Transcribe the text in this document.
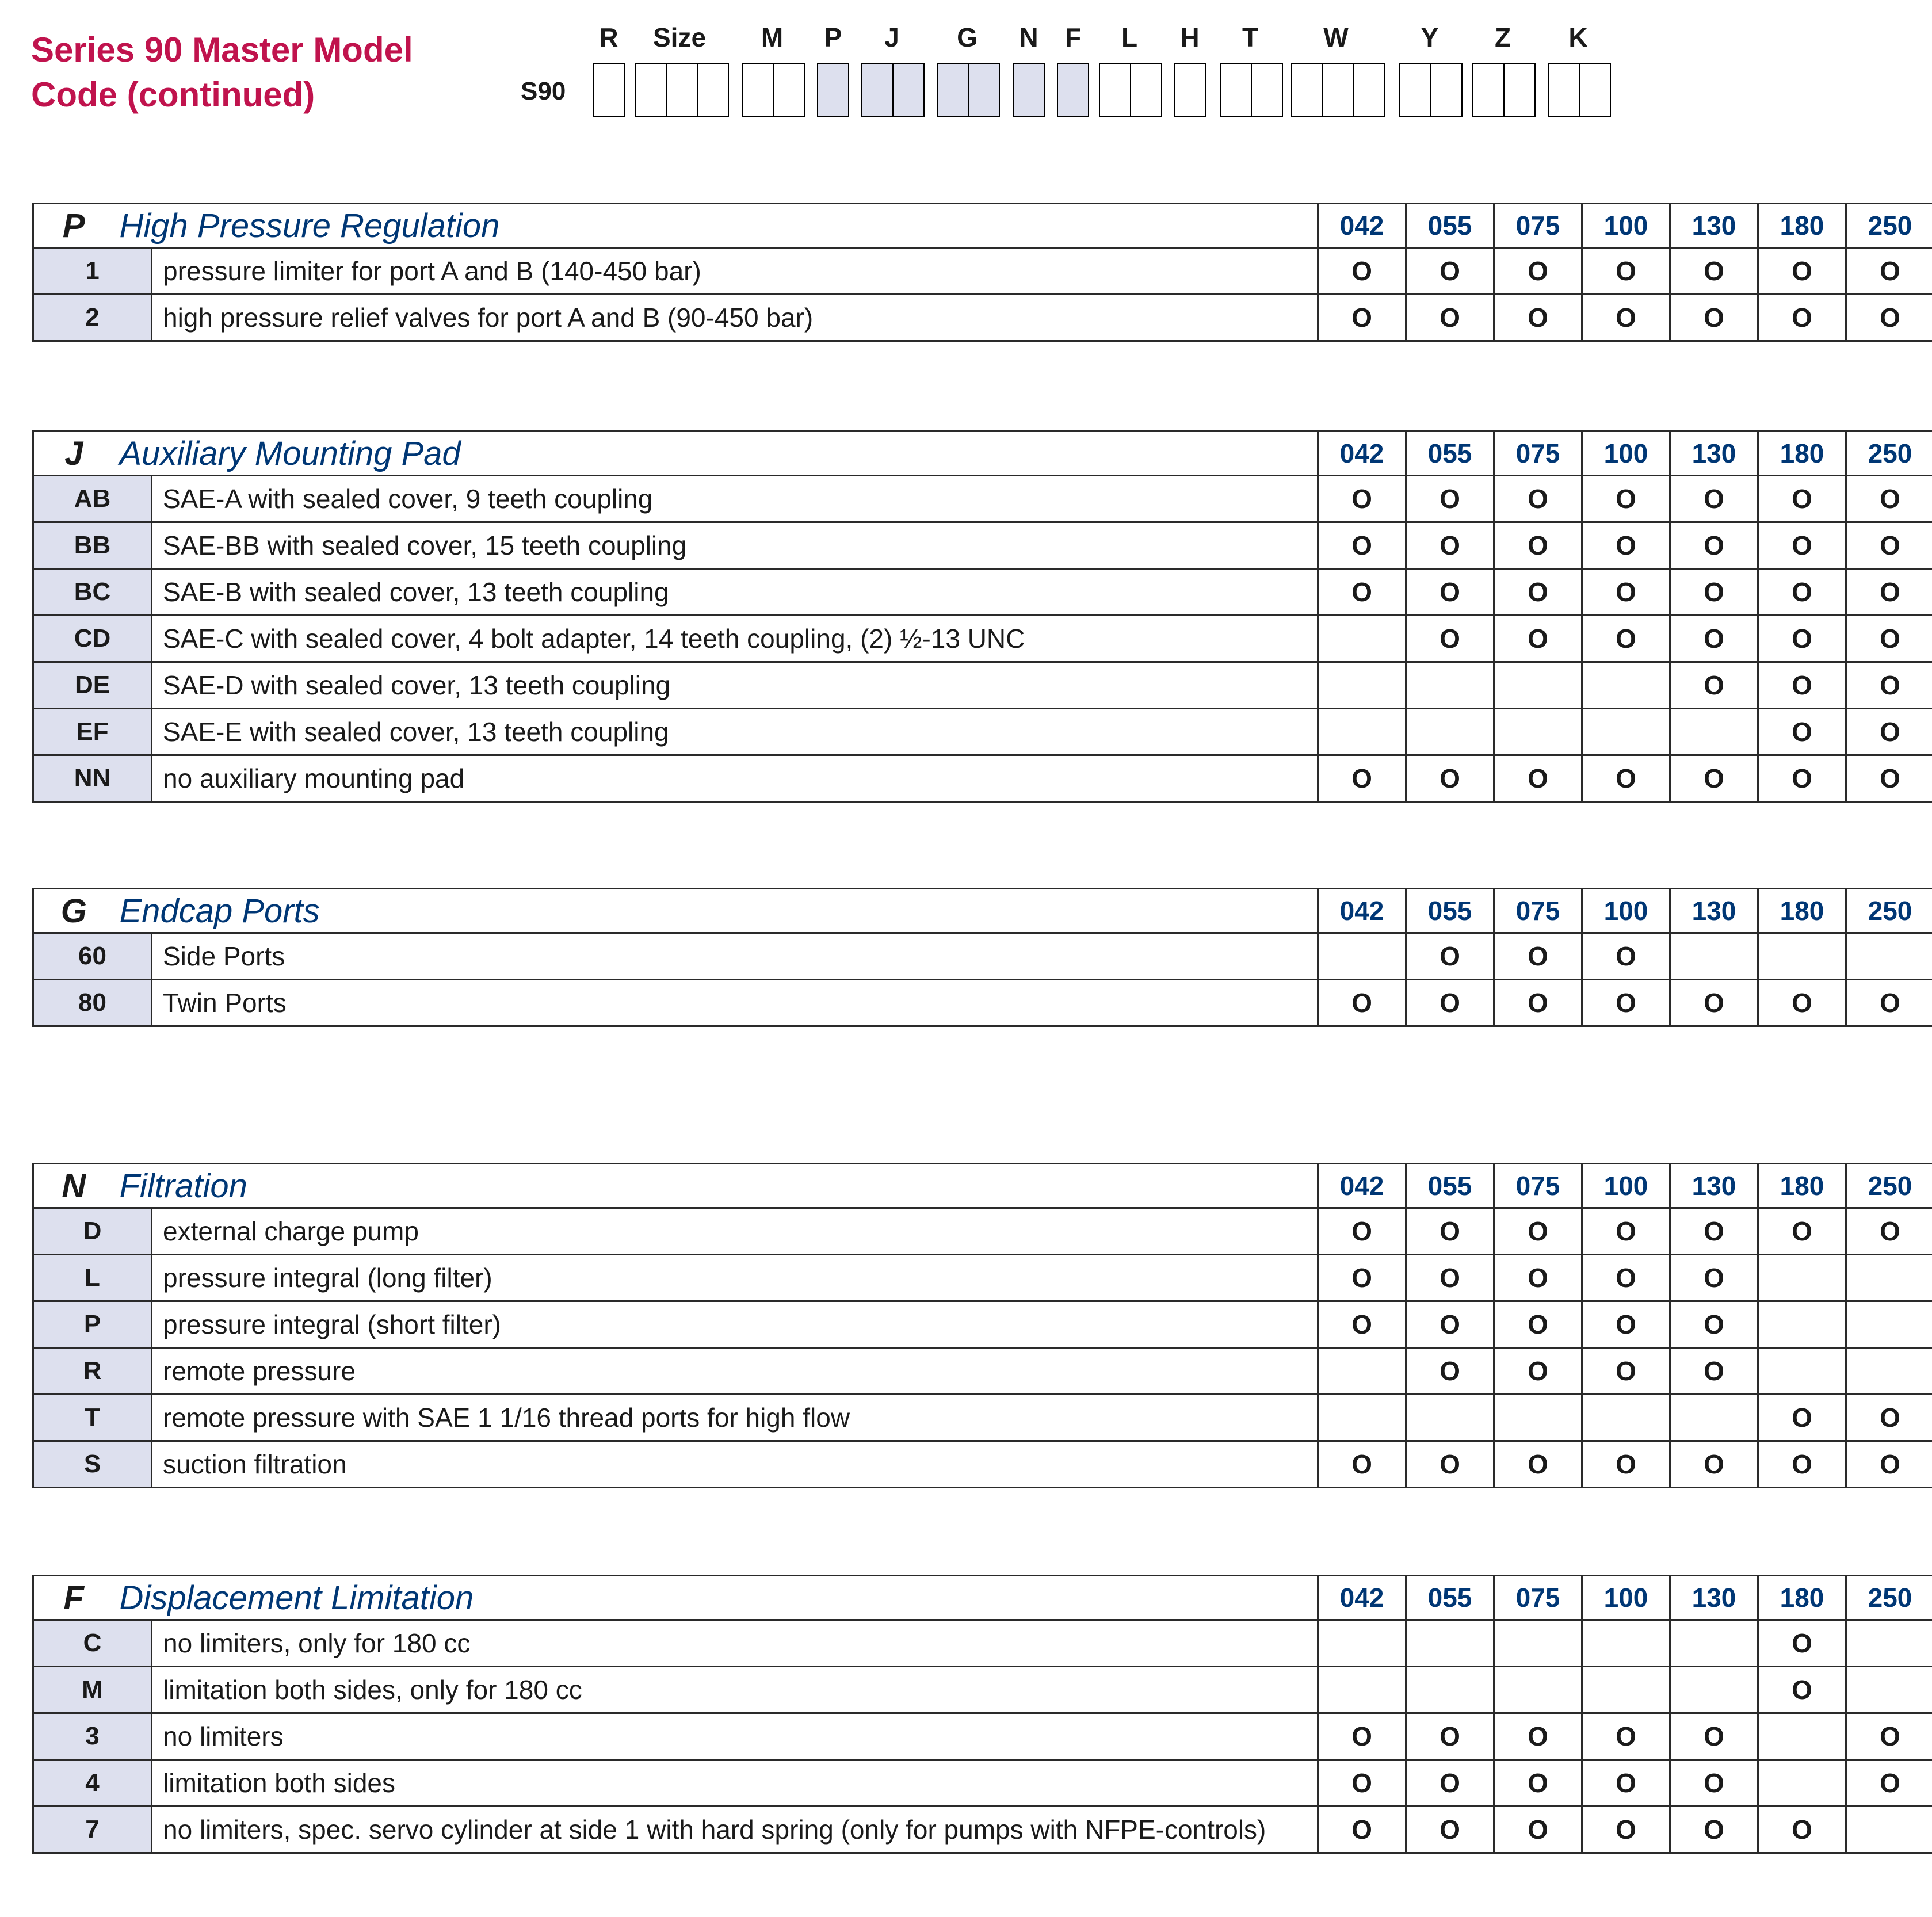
Series 90 Master Model
Code (continued)	S90
R Size M P J G N F L H T W	Y Z K
P	High Pressure Regulation		042	055	075	100	130	180	250
1		pressure limiter for port A and B (140-450 bar)	O	O	O	O	O	O	O
2		high pressure relief valves for port A and B (90-450 bar)	O	O	O	O	O	O	O
J	Auxiliary Mounting Pad		042	055	075	100	130	180	250
AB		SAE-A with sealed cover, 9 teeth coupling	O	O	O	O	O	O	O
BB		SAE-BB with sealed cover, 15 teeth coupling	O	O	O	O	O	O	O
BC		SAE-B with sealed cover, 13 teeth coupling	O	O	O	O	O	O	O
CD		SAE-C with sealed cover, 4 bolt adapter, 14 teeth coupling, (2) ½-13 UNC		O	O	O	O	O	O
DE		SAE-D with sealed cover, 13 teeth coupling					O	O	O
EF		SAE-E with sealed cover, 13 teeth coupling						O	O
NN		no auxiliary mounting pad	O	O	O	O	O	O	O
G	Endcap Ports		042	055	075	100	130	180	250
60		Side Ports		O	O	O			
80		Twin Ports	O	O	O	O	O	O	O
N	Filtration		042	055	075	100	130	180	250
D		external charge pump	O	O	O	O	O	O	O
L		pressure integral (long filter)	O	O	O	O	O		
P		pressure integral (short filter)	O	O	O	O	O		
R		remote pressure		O	O	O	O		
T		remote pressure with SAE 1 1/16 thread ports for high flow						O	O
S		suction filtration	O	O	O	O	O	O	O
F	Displacement Limitation		042	055	075	100	130	180	250
C		no limiters, only for 180 cc						O	
M		limitation both sides, only for 180 cc						O	
3		no limiters	O	O	O	O	O		O
4		limitation both sides	O	O	O	O	O		O
7		no limiters, spec. servo cylinder at side 1 with hard spring (only for pumps with NFPE-controls)	O	O	O	O	O	O	
